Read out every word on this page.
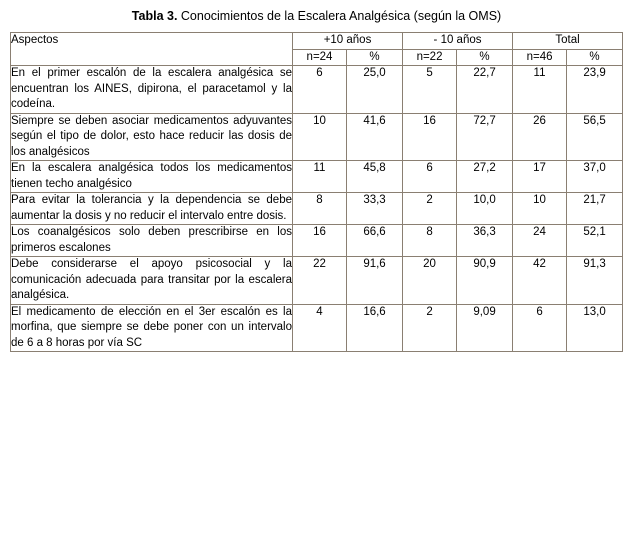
Tabla 3. Conocimientos de la Escalera Analgésica (según la OMS)
Aspectos	+10 años		- 10 años		Total	
	n=24	%	n=22	%	n=46	%
En el primer escalón de la escalera analgésica se encuentran los AINES, dipirona, el paracetamol y la codeína.	6	25,0	5	22,7	11	23,9
Siempre se deben asociar medicamentos adyuvantes según el tipo de dolor, esto hace reducir las dosis de los analgésicos	10	41,6	16	72,7	26	56,5
En la escalera analgésica todos los medicamentos tienen techo analgésico	11	45,8	6	27,2	17	37,0
Para evitar la tolerancia y la dependencia se debe aumentar la dosis y no reducir el intervalo entre dosis.	8	33,3	2	10,0	10	21,7
Los coanalgésicos solo deben prescribirse en los primeros escalones	16	66,6	8	36,3	24	52,1
Debe considerarse el apoyo psicosocial y la comunicación adecuada para transitar por la escalera analgésica.	22	91,6	20	90,9	42	91,3
El medicamento de elección en el 3er escalón es la morfina, que siempre se debe poner con un intervalo de 6 a 8 horas por vía SC	4	16,6	2	9,09	6	13,0
